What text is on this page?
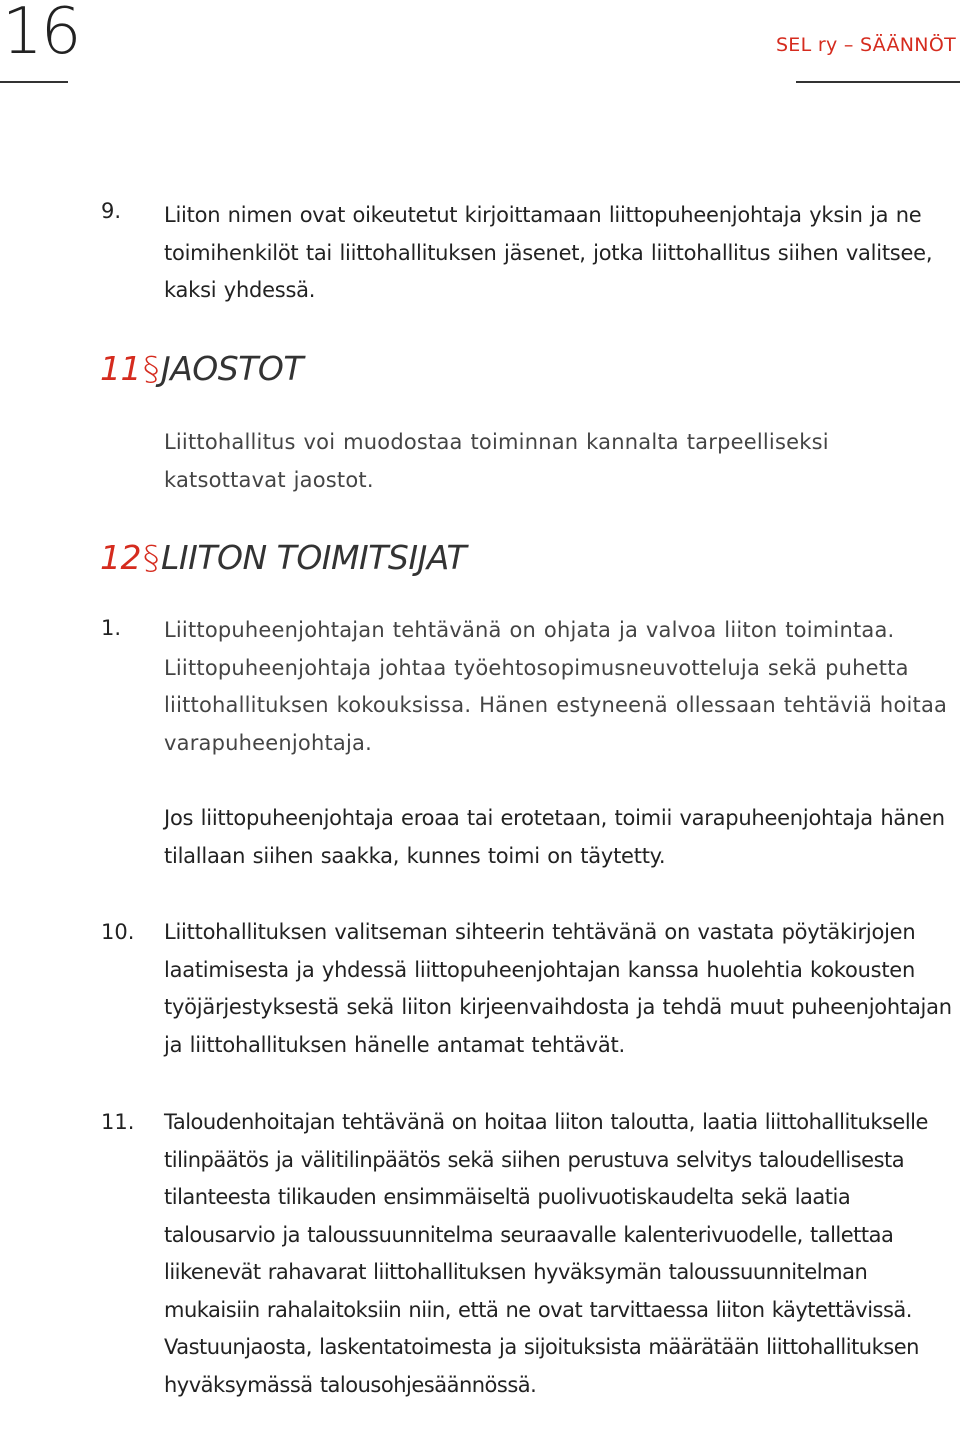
16	SEL ry – SÄÄNNÖT
9. Liiton nimen ovat oikeutetut kirjoittamaan liittopuheenjohtaja yksin ja ne toimihenkilöt tai liittohallituksen jäsenet, jotka liittohallitus siihen valitsee, kaksi yhdessä.
11§JAOSTOT
Liittohallitus voi muodostaa toiminnan kannalta tarpeelliseksi katsottavat jaostot.
12§LIITON TOIMITSIJAT
1. Liittopuheenjohtajan tehtävänä on ohjata ja valvoa liiton toimintaa. Liittopuheenjohtaja johtaa työehtosopimusneuvotteluja sekä puhetta liittohallituksen kokouksissa. Hänen estyneenä ollessaan tehtäviä hoitaa varapuheenjohtaja.
Jos liittopuheenjohtaja eroaa tai erotetaan, toimii varapuheenjohtaja hänen tilallaan siihen saakka, kunnes toimi on täytetty.
10. Liittohallituksen valitseman sihteerin tehtävänä on vastata pöytäkirjojen laatimisesta ja yhdessä liittopuheenjohtajan kanssa huolehtia kokousten työjärjestyksestä sekä liiton kirjeenvaihdosta ja tehdä muut puheenjohtajan ja liittohallituksen hänelle antamat tehtävät.
11. Taloudenhoitajan tehtävänä on hoitaa liiton taloutta, laatia liittohallitukselle tilinpäätös ja välitilinpäätös sekä siihen perustuva selvitys taloudellisesta tilanteesta tilikauden ensimmäiseltä puolivuotiskaudelta sekä laatia talousarvio ja taloussuunnitelma seuraavalle kalenterivuodelle, tallettaa liikenevät rahavarat liittohallituksen hyväksymän taloussuunnitelman mukaisiin rahalaitoksiin niin, että ne ovat tarvittaessa liiton käytettävissä. Vastuunjaosta, laskentatoimesta ja sijoituksista määrätään liittohallituksen hyväksymässä talousohjesäännössä.
